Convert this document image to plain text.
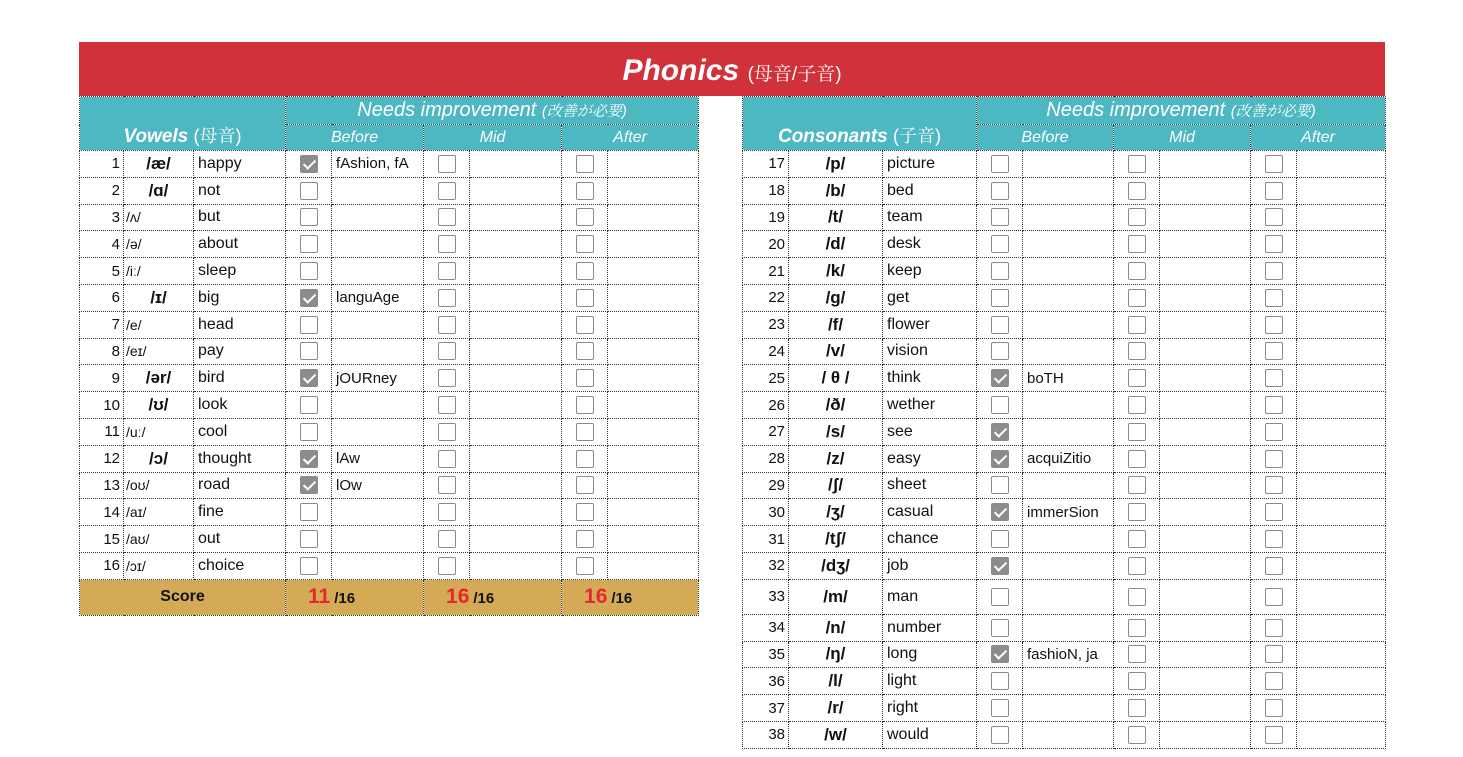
Phonics (母音/子音)
Vowels (母音)			Needs improvement (改善が必要)					
			Before		Mid		After	
1	/æ/	happy		fAshion, fA				
2	/ɑ/	not						
3	/ʌ/	but						
4	/ə/	about						
5	/iː/	sleep						
6	/ɪ/	big		languAge				
7	/e/	head						
8	/eɪ/	pay						
9	/ər/	bird		jOURney				
10	/ʊ/	look						
11	/uː/	cool						
12	/ɔ/	thought		lAw				
13	/oʊ/	road		lOw				
14	/aɪ/	fine						
15	/aʊ/	out						
16	/ɔɪ/	choice						
Score			11 /16		16 /16		16 /16	
Consonants (子音)			Needs improvement (改善が必要)					
			Before		Mid		After	
17	/p/	picture						
18	/b/	bed						
19	/t/	team						
20	/d/	desk						
21	/k/	keep						
22	/g/	get						
23	/f/	flower						
24	/v/	vision						
25	/ θ /	think		boTH				
26	/ð/	wether						
27	/s/	see						
28	/z/	easy		acquiZitio				
29	/ʃ/	sheet						
30	/ʒ/	casual		immerSion				
31	/tʃ/	chance						
32	/dʒ/	job						
33	/m/	man						
34	/n/	number						
35	/ŋ/	long		fashioN, ja				
36	/l/	light						
37	/r/	right						
38	/w/	would						
